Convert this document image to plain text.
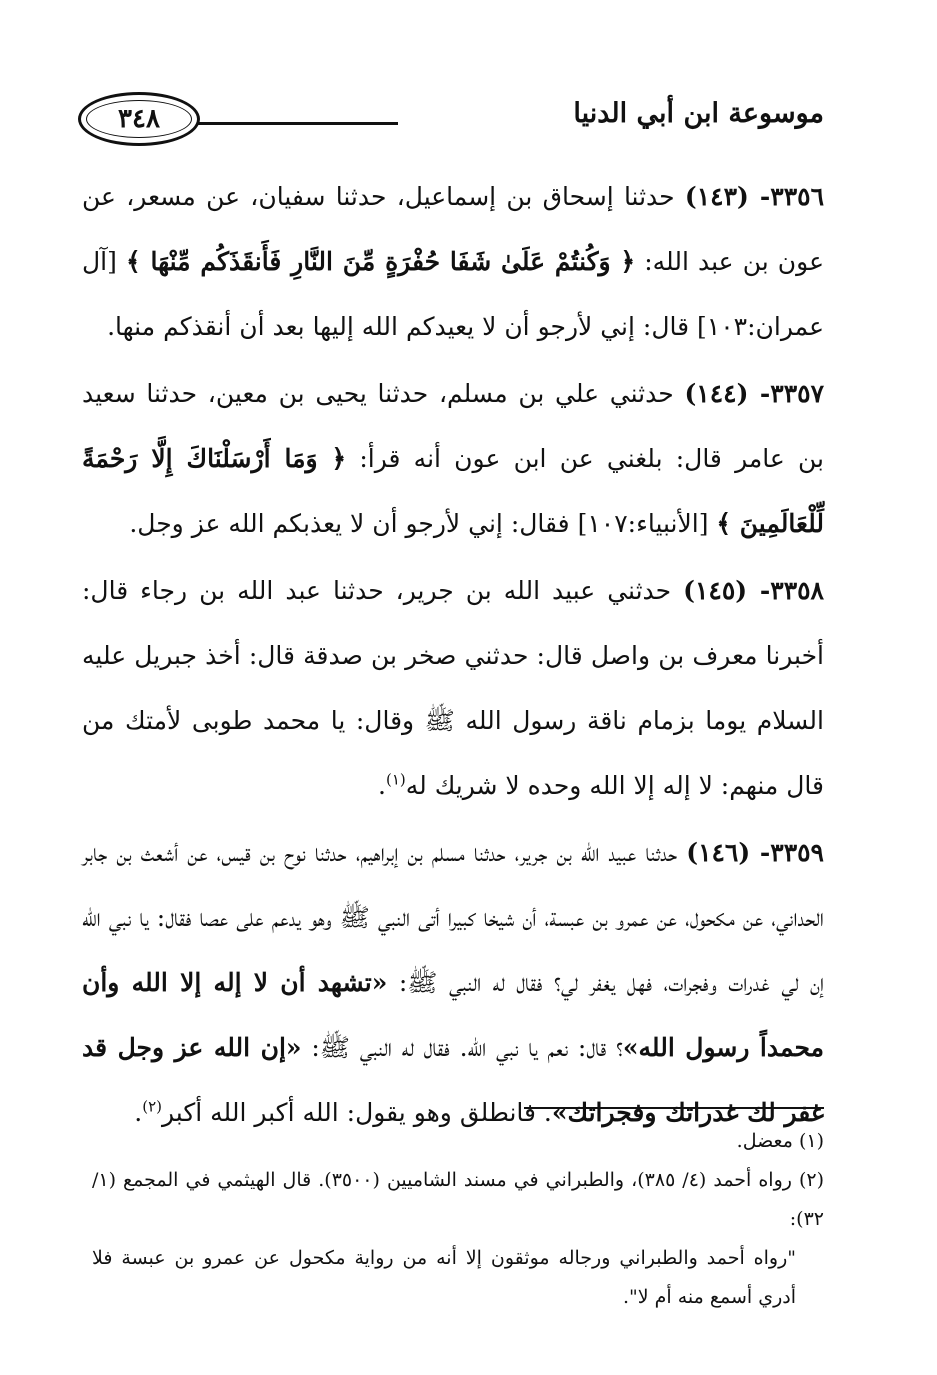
٣٤٨	موسوعة ابن أبي الدنيا

٣٣٥٦- (١٤٣) حدثنا إسحاق بن إسماعيل، حدثنا سفيان، عن مسعر، عن عون بن عبد الله: ﴿ وَكُنتُمْ عَلَىٰ شَفَا حُفْرَةٍ مِّنَ النَّارِ فَأَنقَذَكُم مِّنْهَا ﴾ [آل عمران:١٠٣] قال: إني لأرجو أن لا يعيدكم الله إليها بعد أن أنقذكم منها.

٣٣٥٧- (١٤٤) حدثني علي بن مسلم، حدثنا يحيى بن معين، حدثنا سعيد بن عامر قال: بلغني عن ابن عون أنه قرأ: ﴿ وَمَا أَرْسَلْنَاكَ إِلَّا رَحْمَةً لِّلْعَالَمِينَ ﴾ [الأنبياء:١٠٧] فقال: إني لأرجو أن لا يعذبكم الله عز وجل.

٣٣٥٨- (١٤٥) حدثني عبيد الله بن جرير، حدثنا عبد الله بن رجاء قال: أخبرنا معرف بن واصل قال: حدثني صخر بن صدقة قال: أخذ جبريل عليه السلام يوما بزمام ناقة رسول الله ﷺ وقال: يا محمد طوبى لأمتك من قال منهم: لا إله إلا الله وحده لا شريك له$^{(١)}$.

٣٣٥٩- (١٤٦) حدثنا عبيد الله بن جرير، حدثنا مسلم بن إبراهيم، حدثنا نوح بن قيس، عن أشعث بن جابر الحداني، عن مكحول، عن عمرو بن عبسة، أن شيخا كبيرا أتى النبي ﷺ وهو يدعم على عصا فقال: يا نبي الله إن لي غدرات وفجرات، فهل يغفر لي؟ فقال له النبي ﷺ: «تشهد أن لا إله إلا الله وأن محمداً رسول الله»؟ قال: نعم يا نبي الله. فقال له النبي ﷺ: «إن الله عز وجل قد غفر لك غدراتك وفجراتك». فانطلق وهو يقول: الله أكبر الله أكبر$^{(٢)}$.

(١) معضل.

(٢) رواه أحمد (٤/ ٣٨٥)، والطبراني في مسند الشاميين (٣٥٠٠). قال الهيثمي في المجمع (١/ ٣٢):

"رواه أحمد والطبراني ورجاله موثقون إلا أنه من رواية مكحول عن عمرو بن عبسة فلا أدري أسمع منه أم لا".
